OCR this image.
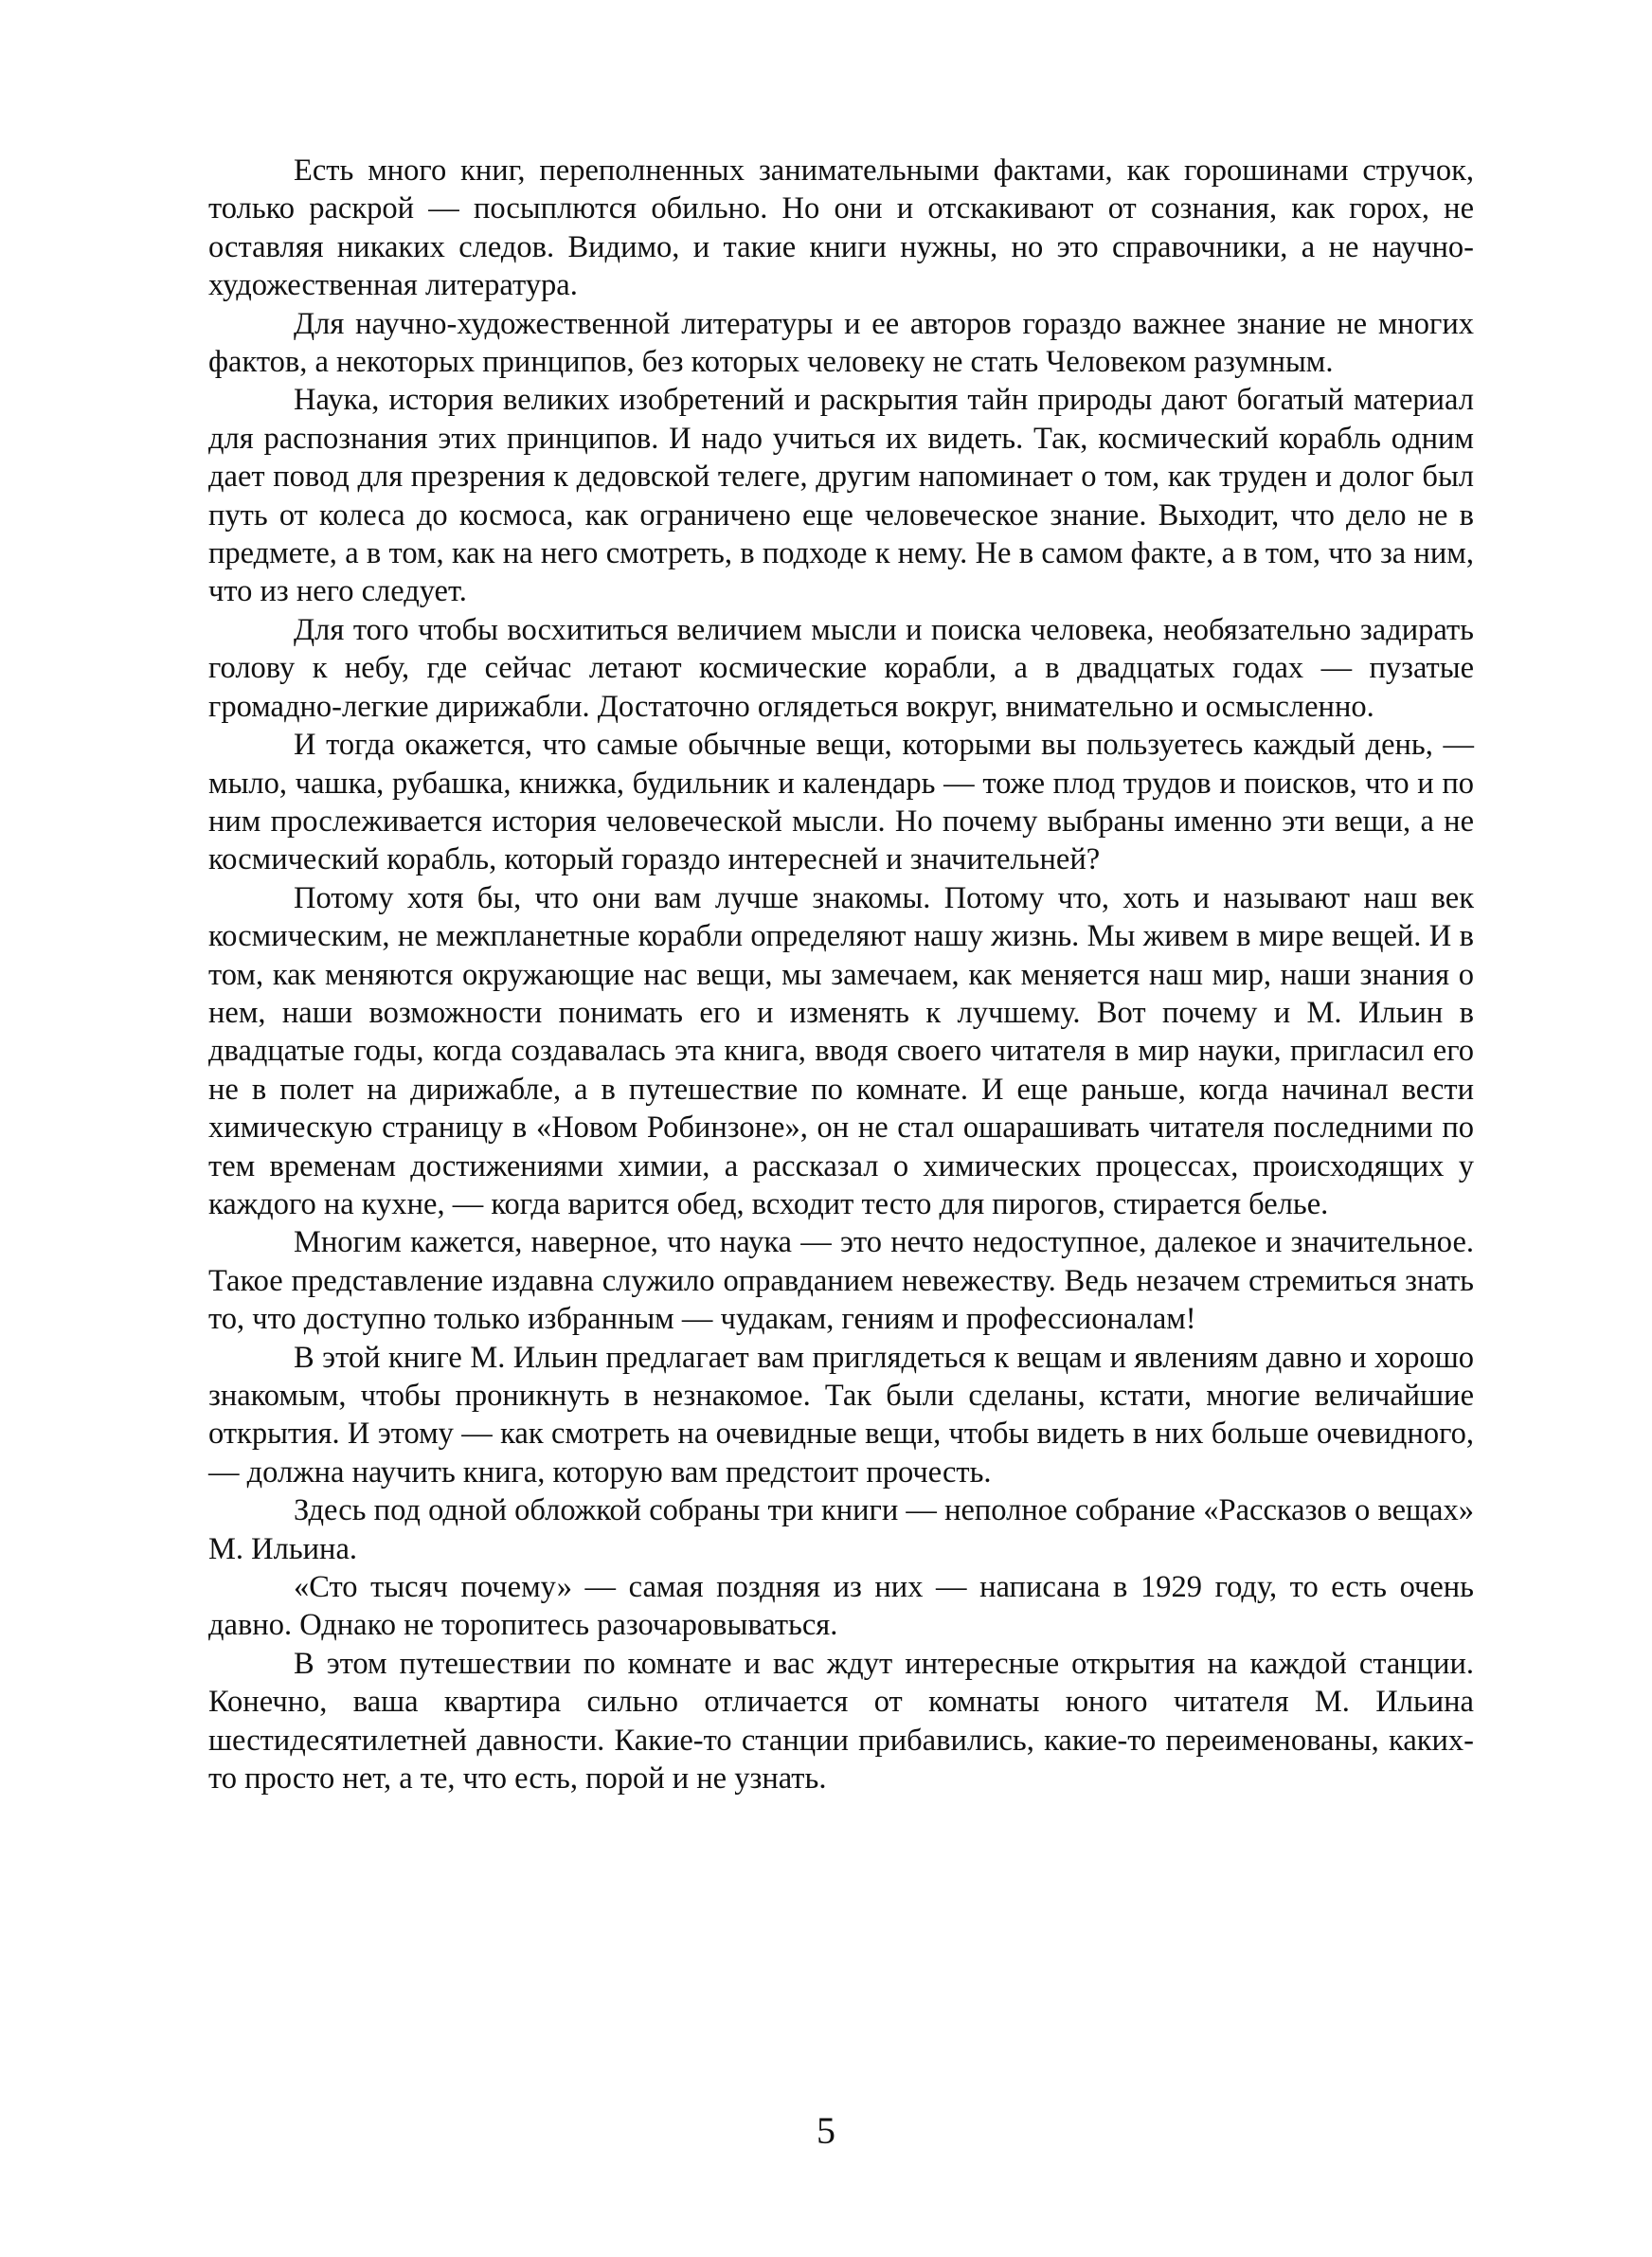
Есть много книг, переполненных занимательными фактами, как горошинами стручок, только раскрой — посыплются обильно. Но они и отскакивают от сознания, как горох, не оставляя никаких следов. Видимо, и такие книги нужны, но это справочники, а не научно-художественная литература.

Для научно-художественной литературы и ее авторов гораздо важнее знание не многих фактов, а некоторых принципов, без которых человеку не стать Человеком разумным.

Наука, история великих изобретений и раскрытия тайн природы дают богатый материал для распознания этих принципов. И надо учиться их видеть. Так, космический корабль одним дает повод для презрения к дедовской телеге, другим напоминает о том, как труден и долог был путь от колеса до космоса, как ограничено еще человеческое знание. Выходит, что дело не в предмете, а в том, как на него смотреть, в подходе к нему. Не в самом факте, а в том, что за ним, что из него следует.

Для того чтобы восхититься величием мысли и поиска человека, необязательно задирать голову к небу, где сейчас летают космические корабли, а в двадцатых годах — пузатые громадно-легкие дирижабли. Достаточно оглядеться вокруг, внимательно и осмысленно.

И тогда окажется, что самые обычные вещи, которыми вы пользуетесь каждый день, — мыло, чашка, рубашка, книжка, будильник и календарь — тоже плод трудов и поисков, что и по ним прослеживается история человеческой мысли. Но почему выбраны именно эти вещи, а не космический корабль, который гораздо интересней и значительней?

Потому хотя бы, что они вам лучше знакомы. Потому что, хоть и называют наш век космическим, не межпланетные корабли определяют нашу жизнь. Мы живем в мире вещей. И в том, как меняются окружающие нас вещи, мы замечаем, как меняется наш мир, наши знания о нем, наши возможности понимать его и изменять к лучшему. Вот почему и М. Ильин в двадцатые годы, когда создавалась эта книга, вводя своего читателя в мир науки, пригласил его не в полет на дирижабле, а в путешествие по комнате. И еще раньше, когда начинал вести химическую страницу в «Новом Робинзоне», он не стал ошарашивать читателя последними по тем временам достижениями химии, а рассказал о химических процессах, происходящих у каждого на кухне, — когда варится обед, всходит тесто для пирогов, стирается белье.

Многим кажется, наверное, что наука — это нечто недоступное, далекое и значительное. Такое представление издавна служило оправданием невежеству. Ведь незачем стремиться знать то, что доступно только избранным — чудакам, гениям и профессионалам!

В этой книге М. Ильин предлагает вам приглядеться к вещам и явлениям давно и хорошо знакомым, чтобы проникнуть в незнакомое. Так были сделаны, кстати, многие величайшие открытия. И этому — как смотреть на очевидные вещи, чтобы видеть в них больше очевидного, — должна научить книга, которую вам предстоит прочесть.

Здесь под одной обложкой собраны три книги — неполное собрание «Рассказов о вещах» М. Ильина.

«Сто тысяч почему» — самая поздняя из них — написана в 1929 году, то есть очень давно. Однако не торопитесь разочаровываться.

В этом путешествии по комнате и вас ждут интересные открытия на каждой станции. Конечно, ваша квартира сильно отличается от комнаты юного читателя М. Ильина шестидесятилетней давности. Какие-то станции прибавились, какие-то переименованы, каких-то просто нет, а те, что есть, порой и не узнать.

5
